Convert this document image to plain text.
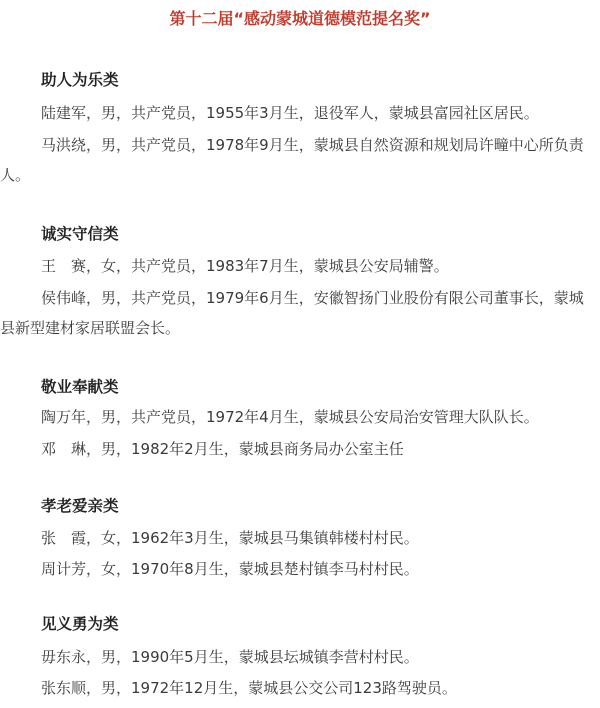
第十二届“感动蒙城道德模范提名奖”
助人为乐类
陆建军，男，共产党员，1955年3月生，退役军人，蒙城县富园社区居民。
马洪绕，男，共产党员，1978年9月生，蒙城县自然资源和规划局许疃中心所负责
人。
诚实守信类
王　赛，女，共产党员，1983年7月生，蒙城县公安局辅警。
侯伟峰，男，共产党员，1979年6月生，安徽智扬门业股份有限公司董事长，蒙城
县新型建材家居联盟会长。
敬业奉献类
陶万年，男，共产党员，1972年4月生，蒙城县公安局治安管理大队队长。
邓　琳，男，1982年2月生，蒙城县商务局办公室主任
孝老爱亲类
张　霞，女，1962年3月生，蒙城县马集镇韩楼村村民。
周计芳，女，1970年8月生，蒙城县楚村镇李马村村民。
见义勇为类
毋东永，男，1990年5月生，蒙城县坛城镇李营村村民。
张东顺，男，1972年12月生，蒙城县公交公司123路驾驶员。
